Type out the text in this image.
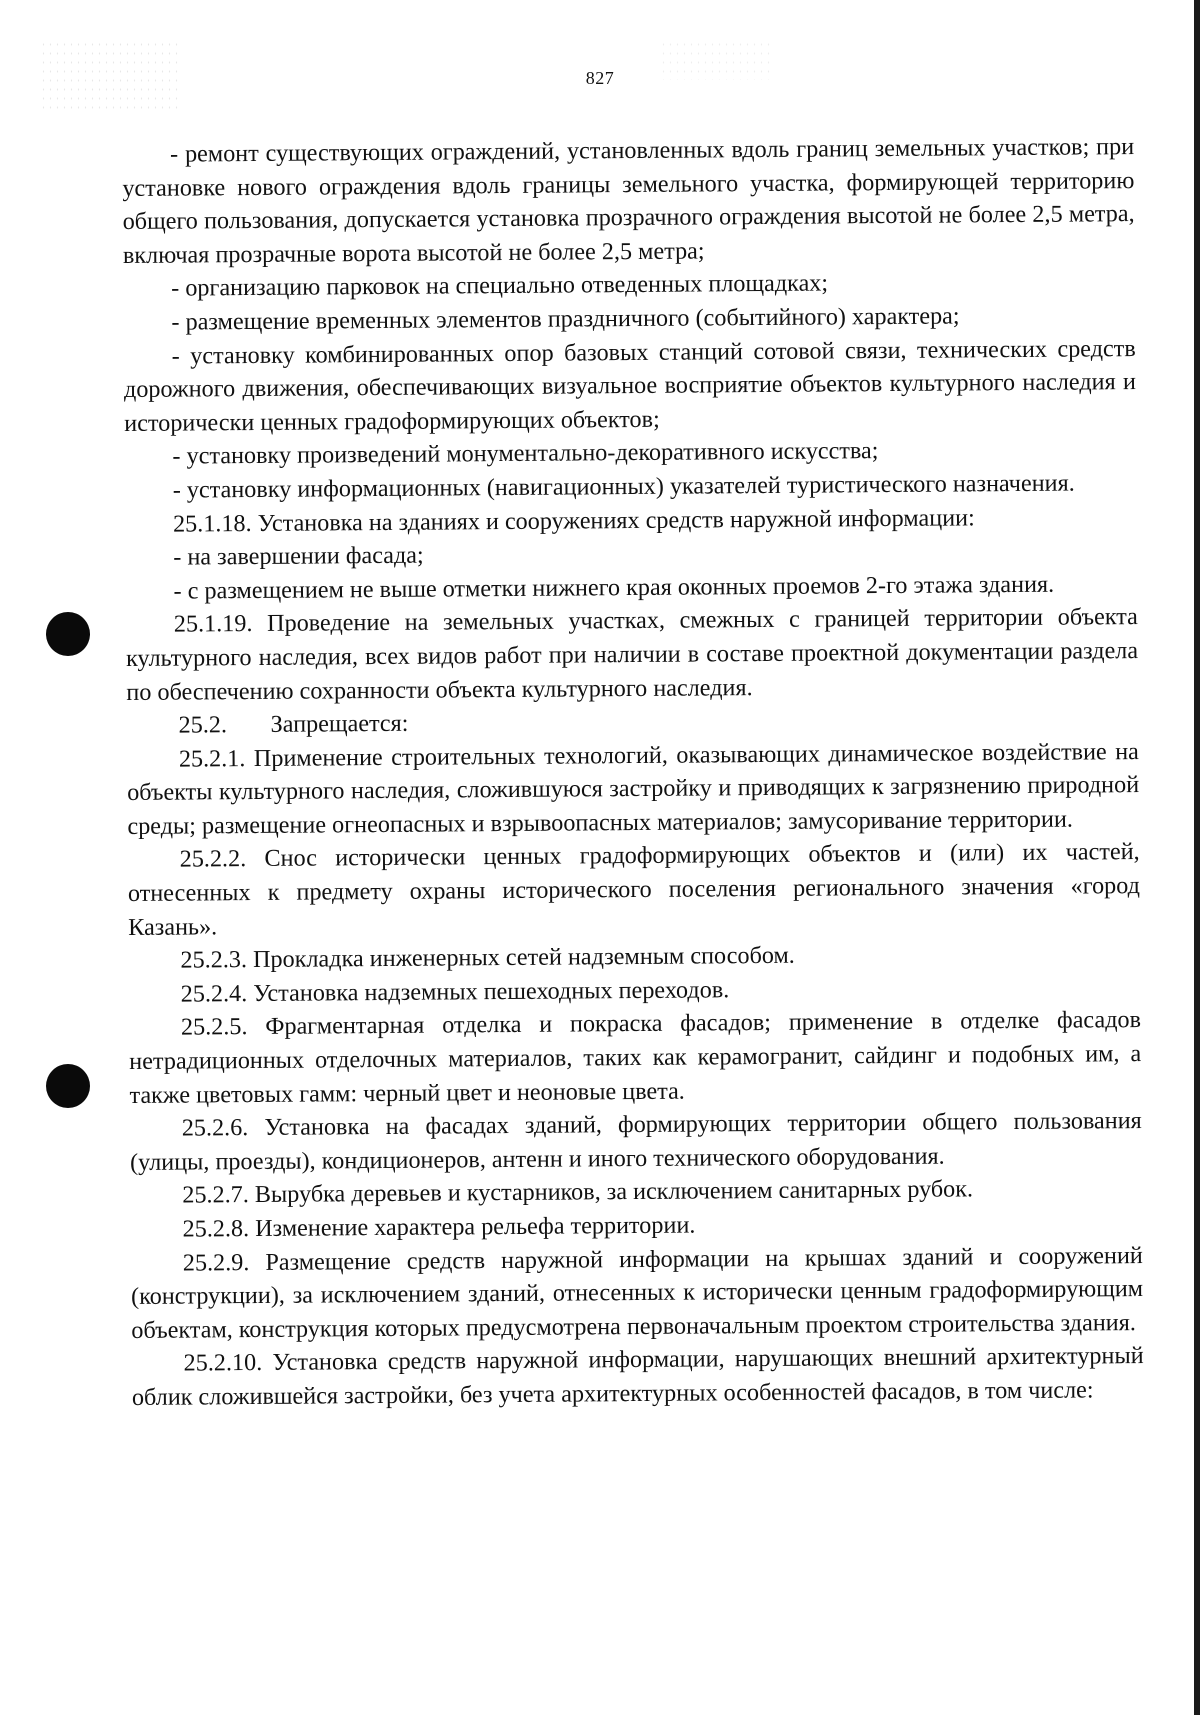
827

- ремонт существующих ограждений, установленных вдоль границ земельных участков; при установке нового ограждения вдоль границы земельного участка, формирующей территорию общего пользования, допускается установка прозрачного ограждения высотой не более 2,5 метра, включая прозрачные ворота высотой не более 2,5 метра;

- организацию парковок на специально отведенных площадках;

- размещение временных элементов праздничного (событийного) характера;

- установку комбинированных опор базовых станций сотовой связи, технических средств дорожного движения, обеспечивающих визуальное восприятие объектов культурного наследия и исторически ценных градоформирующих объектов;

- установку произведений монументально-декоративного искусства;

- установку информационных (навигационных) указателей туристического назначения.

25.1.18. Установка на зданиях и сооружениях средств наружной информации:

- на завершении фасада;

- с размещением не выше отметки нижнего края оконных проемов 2-го этажа здания.

25.1.19. Проведение на земельных участках, смежных с границей территории объекта культурного наследия, всех видов работ при наличии в составе проектной документации раздела по обеспечению сохранности объекта культурного наследия.

25.2. Запрещается:

25.2.1. Применение строительных технологий, оказывающих динамическое воздействие на объекты культурного наследия, сложившуюся застройку и приводящих к загрязнению природной среды; размещение огнеопасных и взрывоопасных материалов; замусоривание территории.

25.2.2. Снос исторически ценных градоформирующих объектов и (или) их частей, отнесенных к предмету охраны исторического поселения регионального значения «город Казань».

25.2.3. Прокладка инженерных сетей надземным способом.

25.2.4. Установка надземных пешеходных переходов.

25.2.5. Фрагментарная отделка и покраска фасадов; применение в отделке фасадов нетрадиционных отделочных материалов, таких как керамогранит, сайдинг и подобных им, а также цветовых гамм: черный цвет и неоновые цвета.

25.2.6. Установка на фасадах зданий, формирующих территории общего пользования (улицы, проезды), кондиционеров, антенн и иного технического оборудования.

25.2.7. Вырубка деревьев и кустарников, за исключением санитарных рубок.

25.2.8. Изменение характера рельефа территории.

25.2.9. Размещение средств наружной информации на крышах зданий и сооружений (конструкции), за исключением зданий, отнесенных к исторически ценным градоформирующим объектам, конструкция которых предусмотрена первоначальным проектом строительства здания.

25.2.10. Установка средств наружной информации, нарушающих внешний архитектурный облик сложившейся застройки, без учета архитектурных особенностей фасадов, в том числе:
